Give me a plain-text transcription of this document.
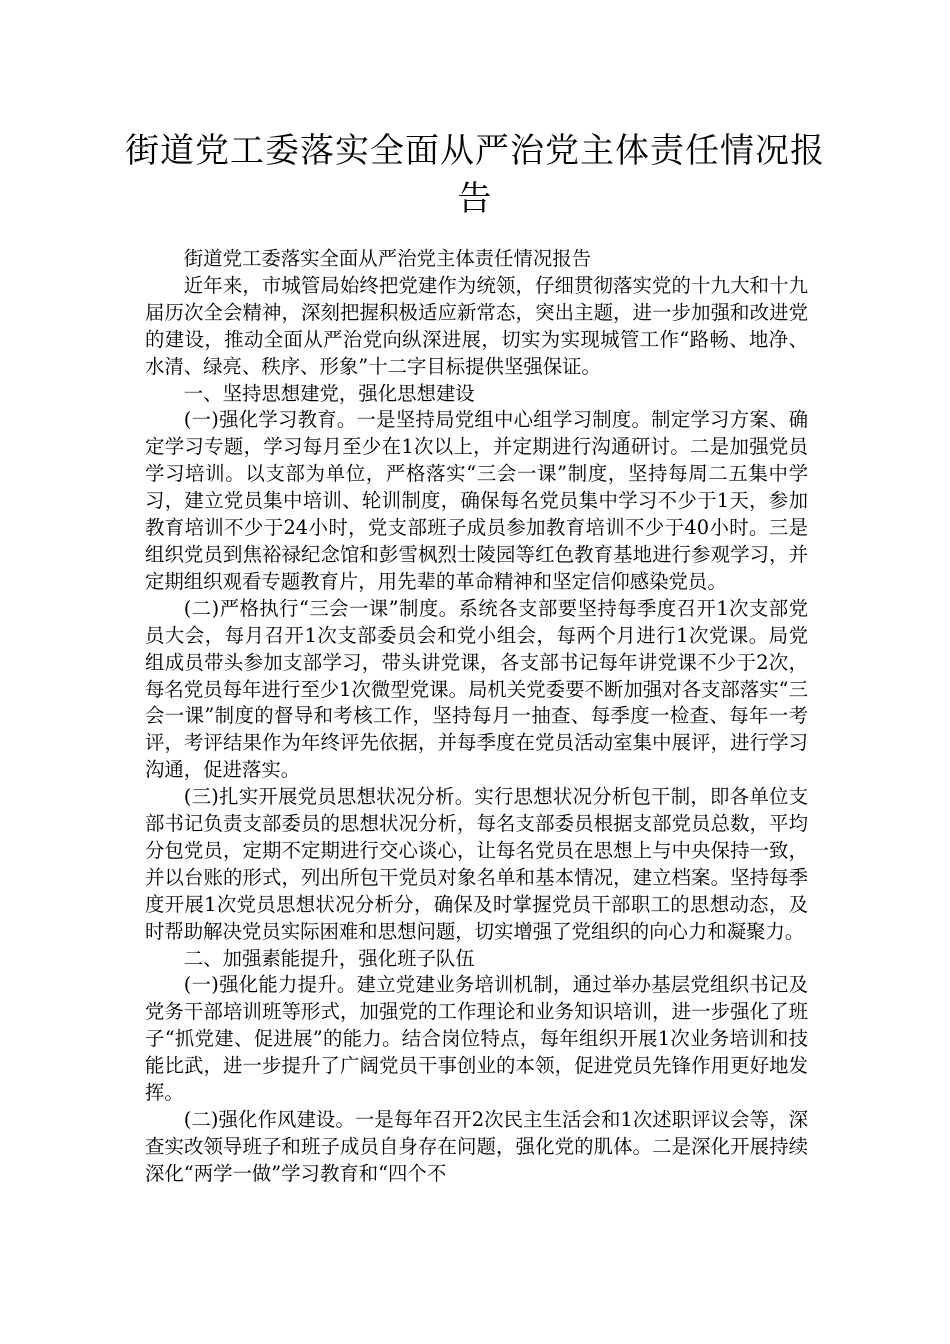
街道党工委落实全面从严治党主体责任情况报告

街道党工委落实全面从严治党主体责任情况报告

近年来，市城管局始终把党建作为统领，仔细贯彻落实党的十九大和十九届历次全会精神，深刻把握积极适应新常态，突出主题，进一步加强和改进党的建设，推动全面从严治党向纵深进展，切实为实现城管工作“路畅、地净、水清、绿亮、秩序、形象”十二字目标提供坚强保证。

一、坚持思想建党，强化思想建设

(一)强化学习教育。一是坚持局党组中心组学习制度。制定学习方案、确定学习专题，学习每月至少在1次以上，并定期进行沟通研讨。二是加强党员学习培训。以支部为单位，严格落实“三会一课”制度，坚持每周二五集中学习，建立党员集中培训、轮训制度，确保每名党员集中学习不少于1天，参加教育培训不少于24小时，党支部班子成员参加教育培训不少于40小时。三是组织党员到焦裕禄纪念馆和彭雪枫烈士陵园等红色教育基地进行参观学习，并定期组织观看专题教育片，用先辈的革命精神和坚定信仰感染党员。

(二)严格执行“三会一课”制度。系统各支部要坚持每季度召开1次支部党员大会，每月召开1次支部委员会和党小组会，每两个月进行1次党课。局党组成员带头参加支部学习，带头讲党课，各支部书记每年讲党课不少于2次，每名党员每年进行至少1次微型党课。局机关党委要不断加强对各支部落实“三会一课”制度的督导和考核工作，坚持每月一抽查、每季度一检查、每年一考评，考评结果作为年终评先依据，并每季度在党员活动室集中展评，进行学习沟通，促进落实。

(三)扎实开展党员思想状况分析。实行思想状况分析包干制，即各单位支部书记负责支部委员的思想状况分析，每名支部委员根据支部党员总数，平均分包党员，定期不定期进行交心谈心，让每名党员在思想上与中央保持一致，并以台账的形式，列出所包干党员对象名单和基本情况，建立档案。坚持每季度开展1次党员思想状况分析分，确保及时掌握党员干部职工的思想动态，及时帮助解决党员实际困难和思想问题，切实增强了党组织的向心力和凝聚力。

二、加强素能提升，强化班子队伍

(一)强化能力提升。建立党建业务培训机制，通过举办基层党组织书记及党务干部培训班等形式，加强党的工作理论和业务知识培训，进一步强化了班子“抓党建、促进展”的能力。结合岗位特点，每年组织开展1次业务培训和技能比武，进一步提升了广阔党员干事创业的本领，促进党员先锋作用更好地发挥。

(二)强化作风建设。一是每年召开2次民主生活会和1次述职评议会等，深查实改领导班子和班子成员自身存在问题，强化党的肌体。二是深化开展持续深化“两学一做”学习教育和“四个不
